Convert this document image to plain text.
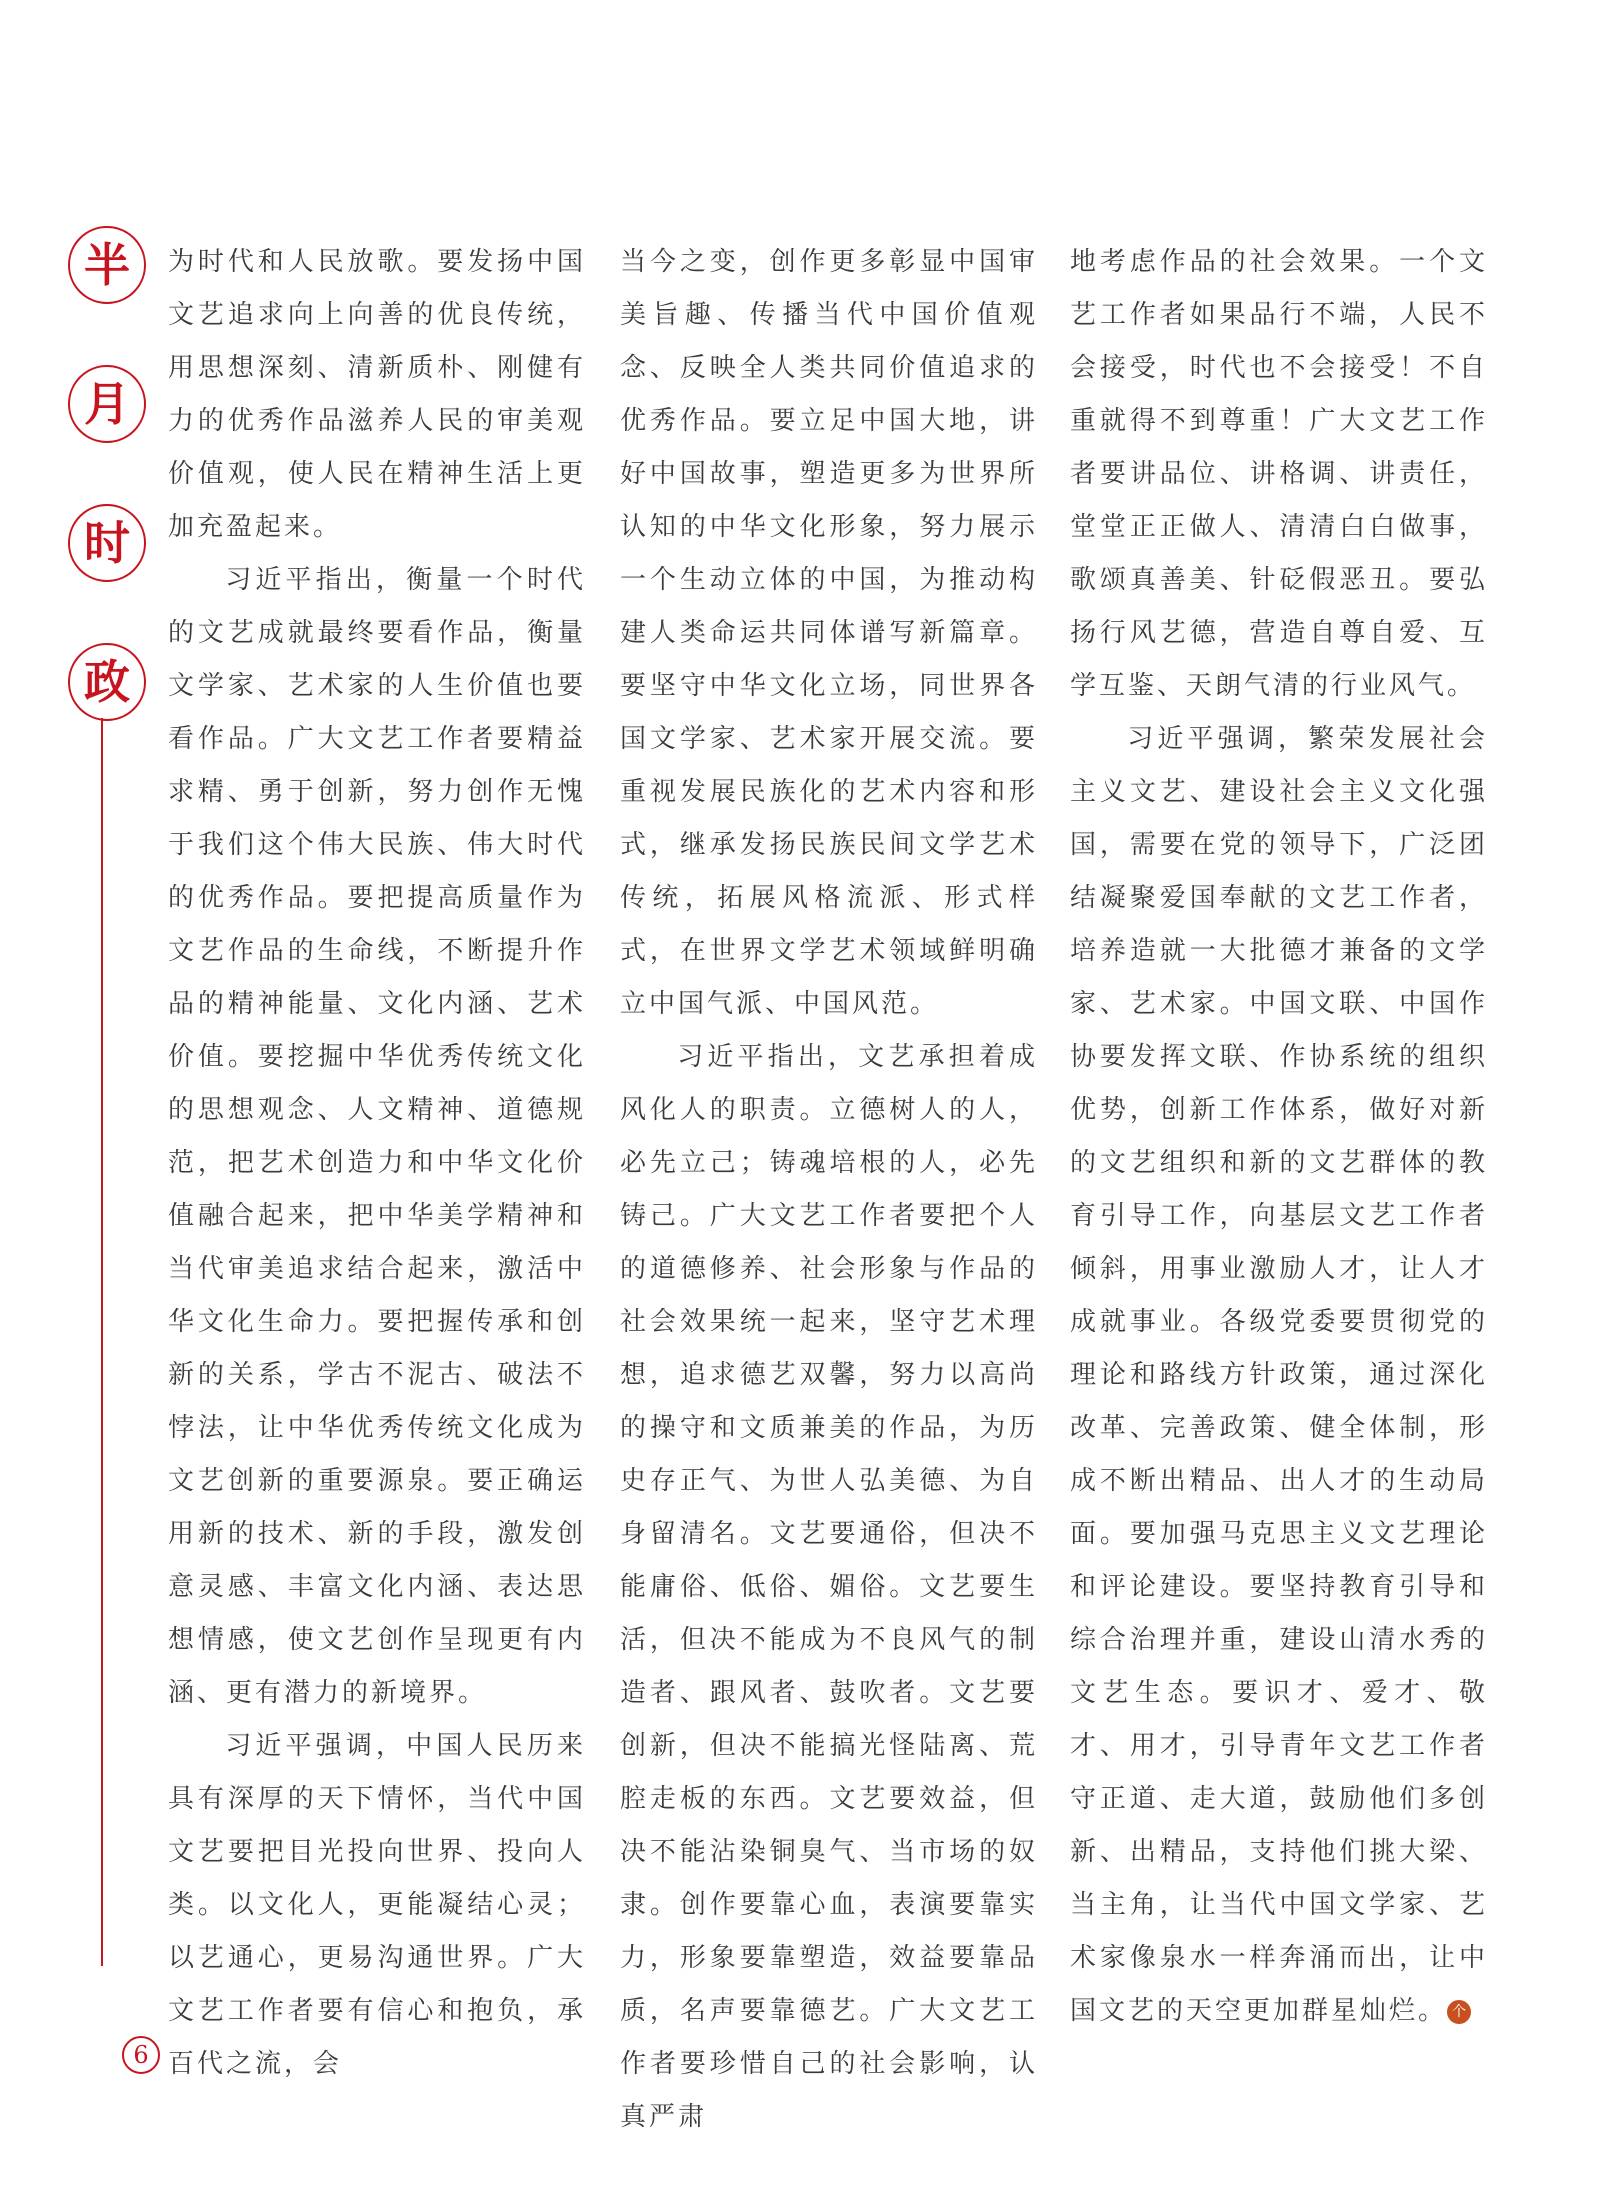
半
月
时
政

为时代和人民放歌。要发扬中国文艺追求向上向善的优良传统，用思想深刻、清新质朴、刚健有力的优秀作品滋养人民的审美观价值观，使人民在精神生活上更加充盈起来。

习近平指出，衡量一个时代的文艺成就最终要看作品，衡量文学家、艺术家的人生价值也要看作品。广大文艺工作者要精益求精、勇于创新，努力创作无愧于我们这个伟大民族、伟大时代的优秀作品。要把提高质量作为文艺作品的生命线，不断提升作品的精神能量、文化内涵、艺术价值。要挖掘中华优秀传统文化的思想观念、人文精神、道德规范，把艺术创造力和中华文化价值融合起来，把中华美学精神和当代审美追求结合起来，激活中华文化生命力。要把握传承和创新的关系，学古不泥古、破法不悖法，让中华优秀传统文化成为文艺创新的重要源泉。要正确运用新的技术、新的手段，激发创意灵感、丰富文化内涵、表达思想情感，使文艺创作呈现更有内涵、更有潜力的新境界。

习近平强调，中国人民历来具有深厚的天下情怀，当代中国文艺要把目光投向世界、投向人类。以文化人，更能凝结心灵；以艺通心，更易沟通世界。广大文艺工作者要有信心和抱负，承百代之流，会

当今之变，创作更多彰显中国审美旨趣、传播当代中国价值观念、反映全人类共同价值追求的优秀作品。要立足中国大地，讲好中国故事，塑造更多为世界所认知的中华文化形象，努力展示一个生动立体的中国，为推动构建人类命运共同体谱写新篇章。要坚守中华文化立场，同世界各国文学家、艺术家开展交流。要重视发展民族化的艺术内容和形式，继承发扬民族民间文学艺术传统，拓展风格流派、形式样式，在世界文学艺术领域鲜明确立中国气派、中国风范。

习近平指出，文艺承担着成风化人的职责。立德树人的人，必先立己；铸魂培根的人，必先铸己。广大文艺工作者要把个人的道德修养、社会形象与作品的社会效果统一起来，坚守艺术理想，追求德艺双馨，努力以高尚的操守和文质兼美的作品，为历史存正气、为世人弘美德、为自身留清名。文艺要通俗，但决不能庸俗、低俗、媚俗。文艺要生活，但决不能成为不良风气的制造者、跟风者、鼓吹者。文艺要创新，但决不能搞光怪陆离、荒腔走板的东西。文艺要效益，但决不能沾染铜臭气、当市场的奴隶。创作要靠心血，表演要靠实力，形象要靠塑造，效益要靠品质，名声要靠德艺。广大文艺工作者要珍惜自己的社会影响，认真严肃

地考虑作品的社会效果。一个文艺工作者如果品行不端，人民不会接受，时代也不会接受！不自重就得不到尊重！广大文艺工作者要讲品位、讲格调、讲责任，堂堂正正做人、清清白白做事，歌颂真善美、针砭假恶丑。要弘扬行风艺德，营造自尊自爱、互学互鉴、天朗气清的行业风气。

习近平强调，繁荣发展社会主义文艺、建设社会主义文化强国，需要在党的领导下，广泛团结凝聚爱国奉献的文艺工作者，培养造就一大批德才兼备的文学家、艺术家。中国文联、中国作协要发挥文联、作协系统的组织优势，创新工作体系，做好对新的文艺组织和新的文艺群体的教育引导工作，向基层文艺工作者倾斜，用事业激励人才，让人才成就事业。各级党委要贯彻党的理论和路线方针政策，通过深化改革、完善政策、健全体制，形成不断出精品、出人才的生动局面。要加强马克思主义文艺理论和评论建设。要坚持教育引导和综合治理并重，建设山清水秀的文艺生态。要识才、爱才、敬才、用才，引导青年文艺工作者守正道、走大道，鼓励他们多创新、出精品，支持他们挑大梁、当主角，让当代中国文学家、艺术家像泉水一样奔涌而出，让中国文艺的天空更加群星灿烂。 个

6
